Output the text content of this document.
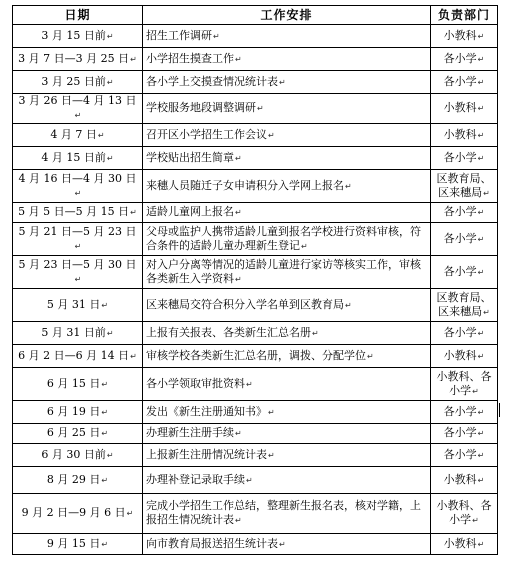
日期	工作安排	负责部门
3 月 15 日前↵	招生工作调研↵	小教科↵
3 月 7 日—3 月 25 日↵	小学招生摸查工作↵	各小学↵
3 月 25 日前↵	各小学上交摸查情况统计表↵	各小学↵
3 月 26 日—4 月 13 日↵	学校服务地段调整调研↵	小教科↵
4 月 7 日↵	召开区小学招生工作会议↵	小教科↵
4 月 15 日前↵	学校贴出招生简章↵	各小学↵
4 月 16 日—4 月 30 日↵	来穗人员随迁子女申请积分入学网上报名↵	区教育局、区来穗局↵
5 月 5 日—5 月 15 日↵	适龄儿童网上报名↵	各小学↵
5 月 21 日—5 月 23 日↵	父母或监护人携带适龄儿童到报名学校进行资料审核，符合条件的适龄儿童办理新生登记↵	各小学↵
5 月 23 日—5 月 30 日↵	对入户分离等情况的适龄儿童进行家访等核实工作，审核各类新生入学资料↵	各小学↵
5 月 31 日↵	区来穗局交符合积分入学名单到区教育局↵	区教育局、区来穗局↵
5 月 31 日前↵	上报有关报表、各类新生汇总名册↵	各小学↵
6 月 2 日—6 月 14 日↵	审核学校各类新生汇总名册，调拨、分配学位↵	小教科↵
6 月 15 日↵	各小学领取审批资料↵	小教科、各小学↵
6 月 19 日↵	发出《新生注册通知书》↵	各小学↵
6 月 25 日↵	办理新生注册手续↵	各小学↵
6 月 30 日前↵	上报新生注册情况统计表↵	各小学↵
8 月 29 日↵	办理补登记录取手续↵	小教科↵
9 月 2 日—9 月 6 日↵	完成小学招生工作总结，整理新生报名表，核对学籍，上报招生情况统计表↵	小教科、各小学↵
9 月 15 日↵	向市教育局报送招生统计表↵	小教科↵
